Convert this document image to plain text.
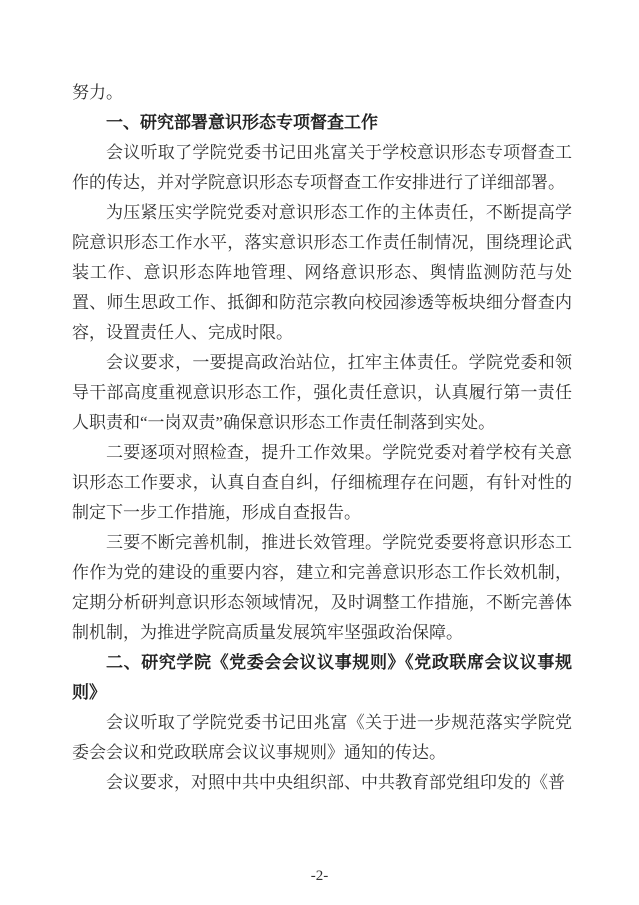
努力。

一、研究部署意识形态专项督查工作

会议听取了学院党委书记田兆富关于学校意识形态专项督查工作的传达，并对学院意识形态专项督查工作安排进行了详细部署。

为压紧压实学院党委对意识形态工作的主体责任，不断提高学院意识形态工作水平，落实意识形态工作责任制情况，围绕理论武装工作、意识形态阵地管理、网络意识形态、舆情监测防范与处置、师生思政工作、抵御和防范宗教向校园渗透等板块细分督查内容，设置责任人、完成时限。

会议要求，一要提高政治站位，扛牢主体责任。学院党委和领导干部高度重视意识形态工作，强化责任意识，认真履行第一责任人职责和“一岗双责”确保意识形态工作责任制落到实处。

二要逐项对照检查，提升工作效果。学院党委对着学校有关意识形态工作要求，认真自查自纠，仔细梳理存在问题，有针对性的制定下一步工作措施，形成自查报告。

三要不断完善机制，推进长效管理。学院党委要将意识形态工作作为党的建设的重要内容，建立和完善意识形态工作长效机制，定期分析研判意识形态领域情况，及时调整工作措施，不断完善体制机制，为推进学院高质量发展筑牢坚强政治保障。

二、研究学院《党委会会议议事规则》《党政联席会议议事规则》

会议听取了学院党委书记田兆富《关于进一步规范落实学院党委会会议和党政联席会议议事规则》通知的传达。

会议要求，对照中共中央组织部、中共教育部党组印发的《普

-2-
